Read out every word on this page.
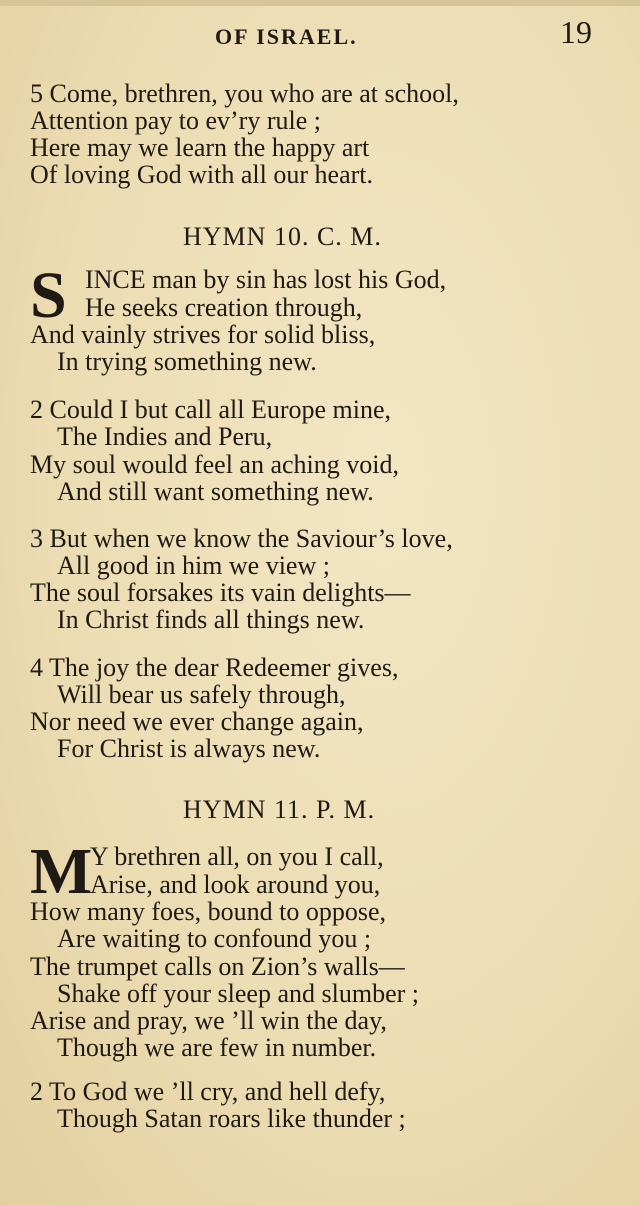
OF ISRAEL.	19
5 Come, brethren, you who are at school,
Attention pay to ev’ry rule ;
Here may we learn the happy art
Of loving God with all our heart.
HYMN 10. C. M.
S INCE man by sin has lost his God,
He seeks creation through,
And vainly strives for solid bliss,
In trying something new.
2 Could I but call all Europe mine,
The Indies and Peru,
My soul would feel an aching void,
And still want something new.
3 But when we know the Saviour’s love,
All good in him we view ;
The soul forsakes its vain delights—
In Christ finds all things new.
4 The joy the dear Redeemer gives,
Will bear us safely through,
Nor need we ever change again,
For Christ is always new.
HYMN 11. P. M.
M
Y brethren all, on you I call,
Arise, and look around you,
How many foes, bound to oppose,
Are waiting to confound you ;
The trumpet calls on Zion’s walls—
Shake off your sleep and slumber ;
Arise and pray, we ’ll win the day,
Though we are few in number.
2 To God we ’ll cry, and hell defy,
Though Satan roars like thunder ;
